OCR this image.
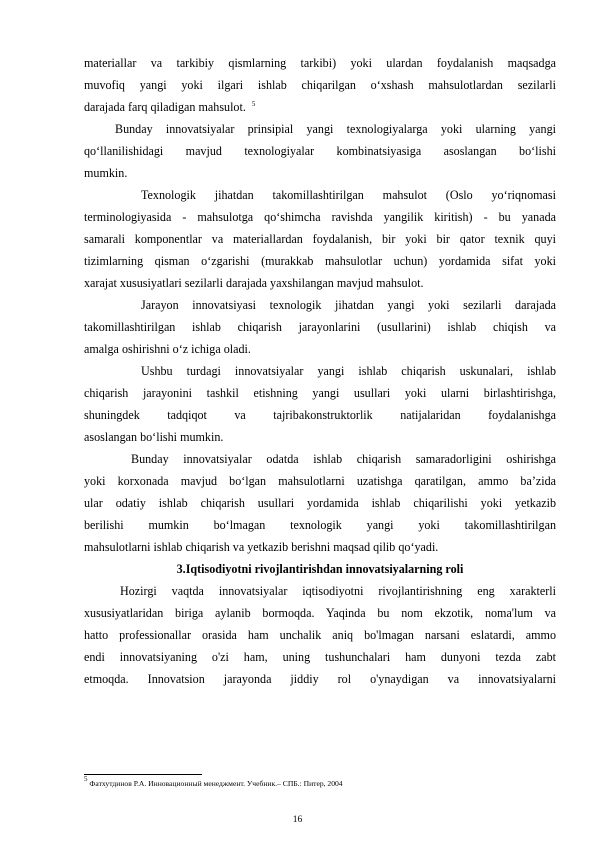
materiallar va tarkibiy qismlarning tarkibi) yoki ulardan foydalanish maqsadga
muvofiq yangi yoki ilgari ishlab chiqarilgan o‘xshash mahsulotlardan sezilarli
darajada farq qiladigan mahsulot. $^5$
Bunday innovatsiyalar prinsipial yangi texnologiyalarga yoki ularning yangi
qo‘llanilishidagi mavjud texnologiyalar kombinatsiyasiga asoslangan bo‘lishi
mumkin.
Texnologik jihatdan takomillashtirilgan mahsulot (Oslo yo‘riqnomasi
terminologiyasida - mahsulotga qo‘shimcha ravishda yangilik kiritish) - bu yanada
samarali komponentlar va materiallardan foydalanish, bir yoki bir qator texnik quyi
tizimlarning qisman o‘zgarishi (murakkab mahsulotlar uchun) yordamida sifat yoki
xarajat xususiyatlari sezilarli darajada yaxshilangan mavjud mahsulot.
Jarayon innovatsiyasi texnologik jihatdan yangi yoki sezilarli darajada
takomillashtirilgan ishlab chiqarish jarayonlarini (usullarini) ishlab chiqish va
amalga oshirishni o‘z ichiga oladi.
Ushbu turdagi innovatsiyalar yangi ishlab chiqarish uskunalari, ishlab
chiqarish jarayonini tashkil etishning yangi usullari yoki ularni birlashtirishga,
shuningdek tadqiqot va tajribakonstruktorlik natijalaridan foydalanishga
asoslangan bo‘lishi mumkin.
Bunday innovatsiyalar odatda ishlab chiqarish samaradorligini oshirishga
yoki korxonada mavjud bo‘lgan mahsulotlarni uzatishga qaratilgan, ammo ba’zida
ular odatiy ishlab chiqarish usullari yordamida ishlab chiqarilishi yoki yetkazib
berilishi mumkin bo‘lmagan texnologik yangi yoki takomillashtirilgan
mahsulotlarni ishlab chiqarish va yetkazib berishni maqsad qilib qo‘yadi.
3.Iqtisodiyotni rivojlantirishdan innovatsiyalarning roli
Hozirgi vaqtda innovatsiyalar iqtisodiyotni rivojlantirishning eng xarakterli
xususiyatlaridan biriga aylanib bormoqda. Yaqinda bu nom ekzotik, noma'lum va
hatto professionallar orasida ham unchalik aniq bo'lmagan narsani eslatardi, ammo
endi innovatsiyaning o'zi ham, uning tushunchalari ham dunyoni tezda zabt
etmoqda. Innovatsion jarayonda jiddiy rol o'ynaydigan va innovatsiyalarni
$^5$ Фатхутдинов Р.А. Инновационный менеджмент. Учебник.– СПБ.: Питер, 2004
16
